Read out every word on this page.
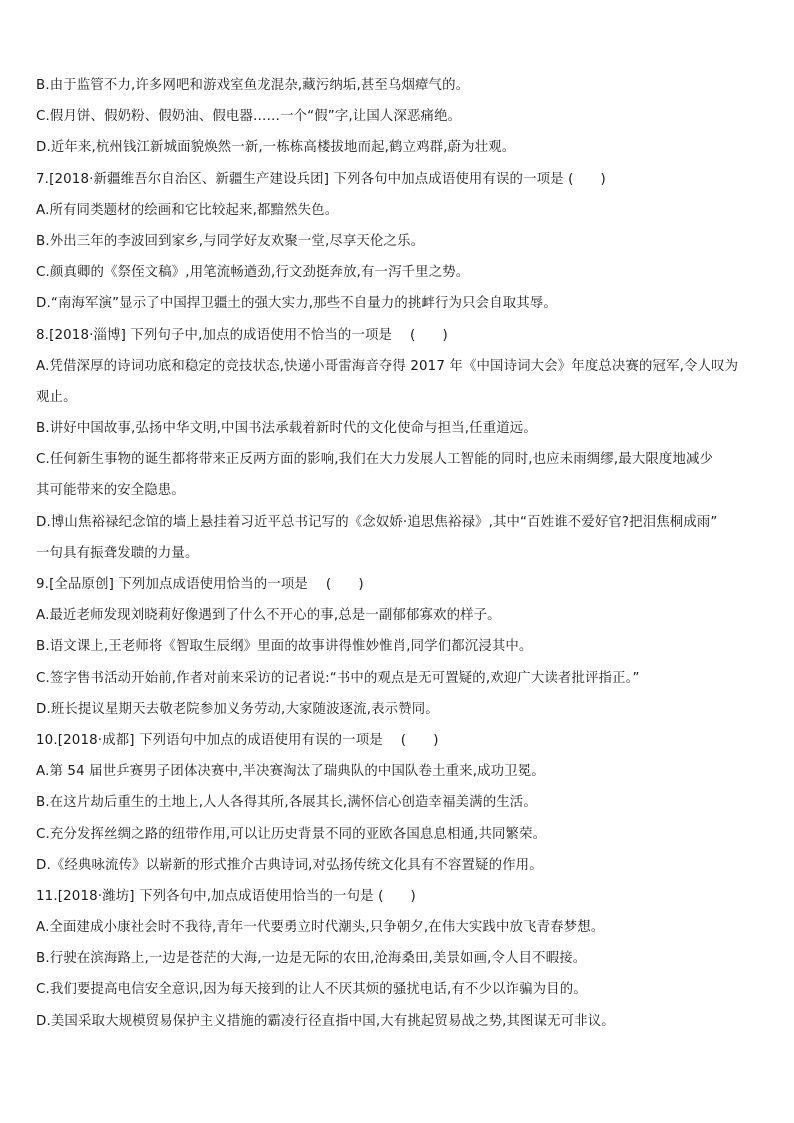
B.由于监管不力,许多网吧和游戏室鱼龙混杂,藏污纳垢,甚至乌烟瘴气的。
C.假月饼、假奶粉、假奶油、假电器……一个“假”字,让国人深恶痛绝。
D.近年来,杭州钱江新城面貌焕然一新,一栋栋高楼拔地而起,鹤立鸡群,蔚为壮观。
7.[2018·新疆维吾尔自治区、新疆生产建设兵团] 下列各句中加点成语使用有误的一项是 (　　)
A.所有同类题材的绘画和它比较起来,都黯然失色。
B.外出三年的李波回到家乡,与同学好友欢聚一堂,尽享天伦之乐。
C.颜真卿的《祭侄文稿》,用笔流畅遒劲,行文劲挺奔放,有一泻千里之势。
D.“南海军演”显示了中国捍卫疆土的强大实力,那些不自量力的挑衅行为只会自取其辱。
8.[2018·淄博] 下列句子中,加点的成语使用不恰当的一项是 　(　　)
A.凭借深厚的诗词功底和稳定的竞技状态,快递小哥雷海音夺得 2017 年《中国诗词大会》年度总决赛的冠军,令人叹为
观止。
B.讲好中国故事,弘扬中华文明,中国书法承载着新时代的文化使命与担当,任重道远。
C.任何新生事物的诞生都将带来正反两方面的影响,我们在大力发展人工智能的同时,也应未雨绸缪,最大限度地减少
其可能带来的安全隐患。
D.博山焦裕禄纪念馆的墙上悬挂着习近平总书记写的《念奴娇·追思焦裕禄》,其中“百姓谁不爱好官?把泪焦桐成雨”
一句具有振聋发聩的力量。
9.[全品原创] 下列加点成语使用恰当的一项是 　(　　)
A.最近老师发现刘晓莉好像遇到了什么不开心的事,总是一副郁郁寡欢的样子。
B.语文课上,王老师将《智取生辰纲》里面的故事讲得惟妙惟肖,同学们都沉浸其中。
C.签字售书活动开始前,作者对前来采访的记者说:“书中的观点是无可置疑的,欢迎广大读者批评指正。”
D.班长提议星期天去敬老院参加义务劳动,大家随波逐流,表示赞同。
10.[2018·成都] 下列语句中加点的成语使用有误的一项是 　(　　)
A.第 54 届世乒赛男子团体决赛中,半决赛淘汰了瑞典队的中国队卷土重来,成功卫冕。
B.在这片劫后重生的土地上,人人各得其所,各展其长,满怀信心创造幸福美满的生活。
C.充分发挥丝绸之路的纽带作用,可以让历史背景不同的亚欧各国息息相通,共同繁荣。
D.《经典咏流传》以崭新的形式推介古典诗词,对弘扬传统文化具有不容置疑的作用。
11.[2018·潍坊] 下列各句中,加点成语使用恰当的一句是 (　　)
A.全面建成小康社会时不我待,青年一代要勇立时代潮头,只争朝夕,在伟大实践中放飞青春梦想。
B.行驶在滨海路上,一边是苍茫的大海,一边是无际的农田,沧海桑田,美景如画,令人目不暇接。
C.我们要提高电信安全意识,因为每天接到的让人不厌其烦的骚扰电话,有不少以诈骗为目的。
D.美国采取大规模贸易保护主义措施的霸凌行径直指中国,大有挑起贸易战之势,其图谋无可非议。
